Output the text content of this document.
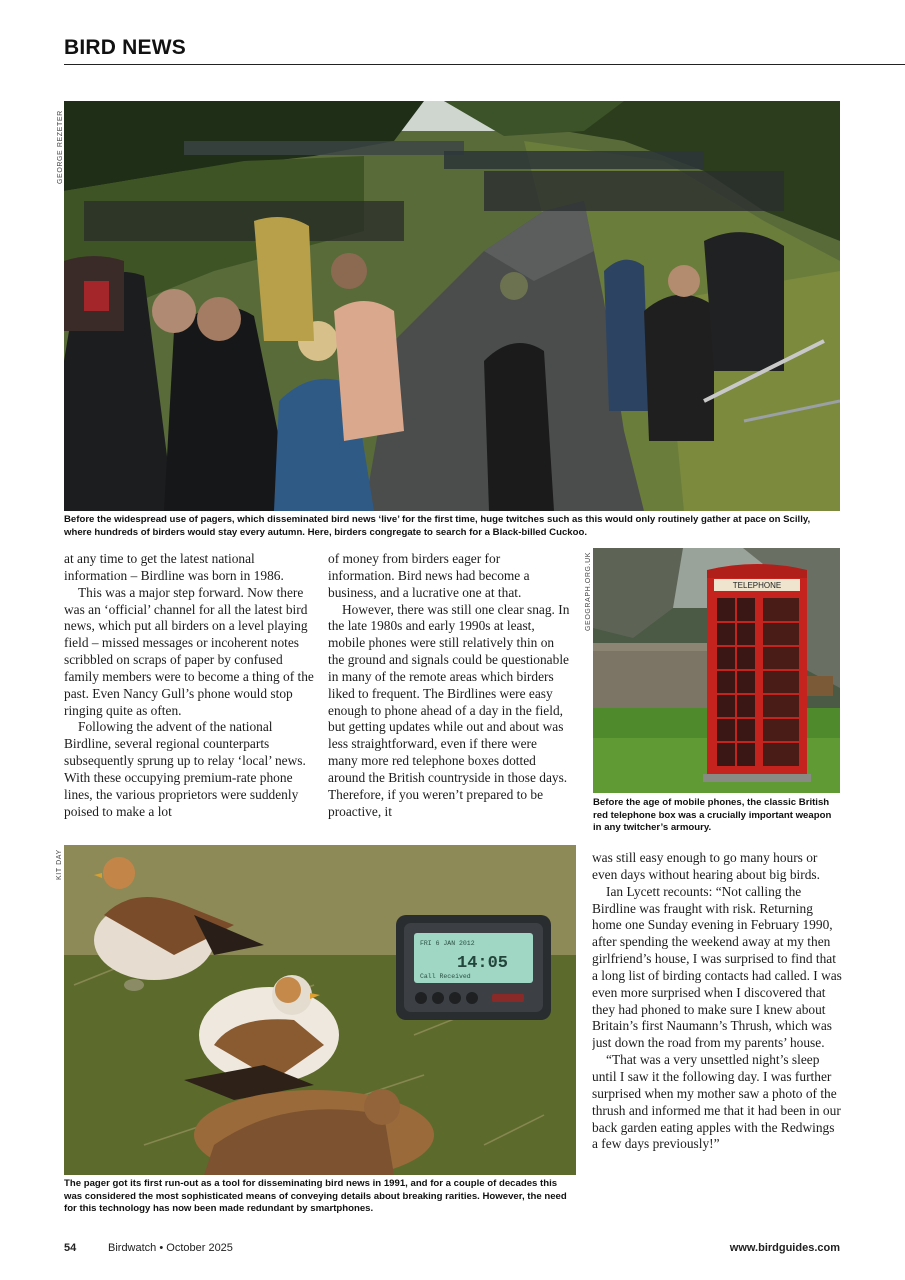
BIRD NEWS
GEORGE REZETER
Before the widespread use of pagers, which disseminated bird news ‘live’ for the first time, huge twitches such as this would only routinely gather at pace on Scilly, where hundreds of birders would stay every autumn. Here, birders congregate to search for a Black-billed Cuckoo.

at any time to get the latest national information – Birdline was born in 1986.

This was a major step forward. Now there was an ‘official’ channel for all the latest bird news, which put all birders on a level playing field – missed messages or incoherent notes scribbled on scraps of paper by confused family members were to become a thing of the past. Even Nancy Gull’s phone would stop ringing quite as often.

Following the advent of the national Birdline, several regional counterparts subsequently sprung up to relay ‘local’ news. With these occupying premium-rate phone lines, the various proprietors were suddenly poised to make a lot

of money from birders eager for information. Bird news had become a business, and a lucrative one at that.

However, there was still one clear snag. In the late 1980s and early 1990s at least, mobile phones were still relatively thin on the ground and signals could be questionable in many of the remote areas which birders liked to frequent. The Birdlines were easy enough to phone ahead of a day in the field, but getting updates while out and about was less straightforward, even if there were many more red telephone boxes dotted around the British countryside in those days. Therefore, if you weren’t prepared to be proactive, it

GEOGRAPH.ORG.UK	TELEPHONE
Before the age of mobile phones, the classic British red telephone box was a crucially important weapon in any twitcher’s armoury.
KIT DAY
FRI 6 JAN 2012
14:05
Call Received
The pager got its first run-out as a tool for disseminating bird news in 1991, and for a couple of decades this was considered the most sophisticated means of conveying details about breaking rarities. However, the need for this technology has now been made redundant by smartphones.

was still easy enough to go many hours or even days without hearing about big birds.

Ian Lycett recounts: “Not calling the Birdline was fraught with risk. Returning home one Sunday evening in February 1990, after spending the weekend away at my then girlfriend’s house, I was surprised to find that a long list of birding contacts had called. I was even more surprised when I discovered that they had phoned to make sure I knew about Britain’s first Naumann’s Thrush, which was just down the road from my parents’ house.

“That was a very unsettled night’s sleep until I saw it the following day. I was further surprised when my mother saw a photo of the thrush and informed me that it had been in our back garden eating apples with the Redwings a few days previously!”

54	Birdwatch • October 2025	www.birdguides.com
